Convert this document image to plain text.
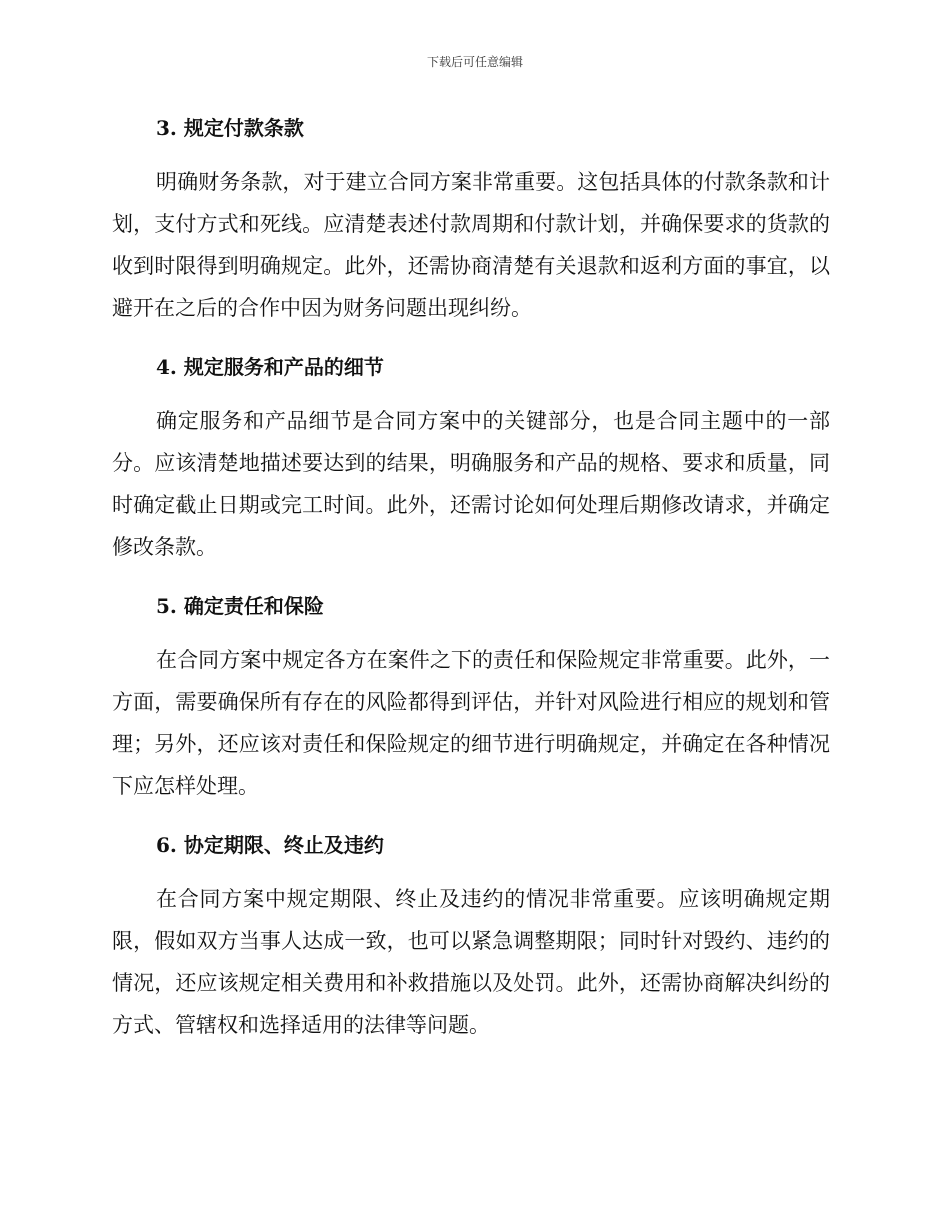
下载后可任意编辑
3. 规定付款条款

明确财务条款，对于建立合同方案非常重要。这包括具体的付款条款和计划，支付方式和死线。应清楚表述付款周期和付款计划，并确保要求的货款的收到时限得到明确规定。此外，还需协商清楚有关退款和返利方面的事宜，以避开在之后的合作中因为财务问题出现纠纷。

4. 规定服务和产品的细节

确定服务和产品细节是合同方案中的关键部分，也是合同主题中的一部分。应该清楚地描述要达到的结果，明确服务和产品的规格、要求和质量，同时确定截止日期或完工时间。此外，还需讨论如何处理后期修改请求，并确定修改条款。

5. 确定责任和保险

在合同方案中规定各方在案件之下的责任和保险规定非常重要。此外，一方面，需要确保所有存在的风险都得到评估，并针对风险进行相应的规划和管理；另外，还应该对责任和保险规定的细节进行明确规定，并确定在各种情况下应怎样处理。

6. 协定期限、终止及违约

在合同方案中规定期限、终止及违约的情况非常重要。应该明确规定期限，假如双方当事人达成一致，也可以紧急调整期限；同时针对毁约、违约的情况，还应该规定相关费用和补救措施以及处罚。此外，还需协商解决纠纷的方式、管辖权和选择适用的法律等问题。
